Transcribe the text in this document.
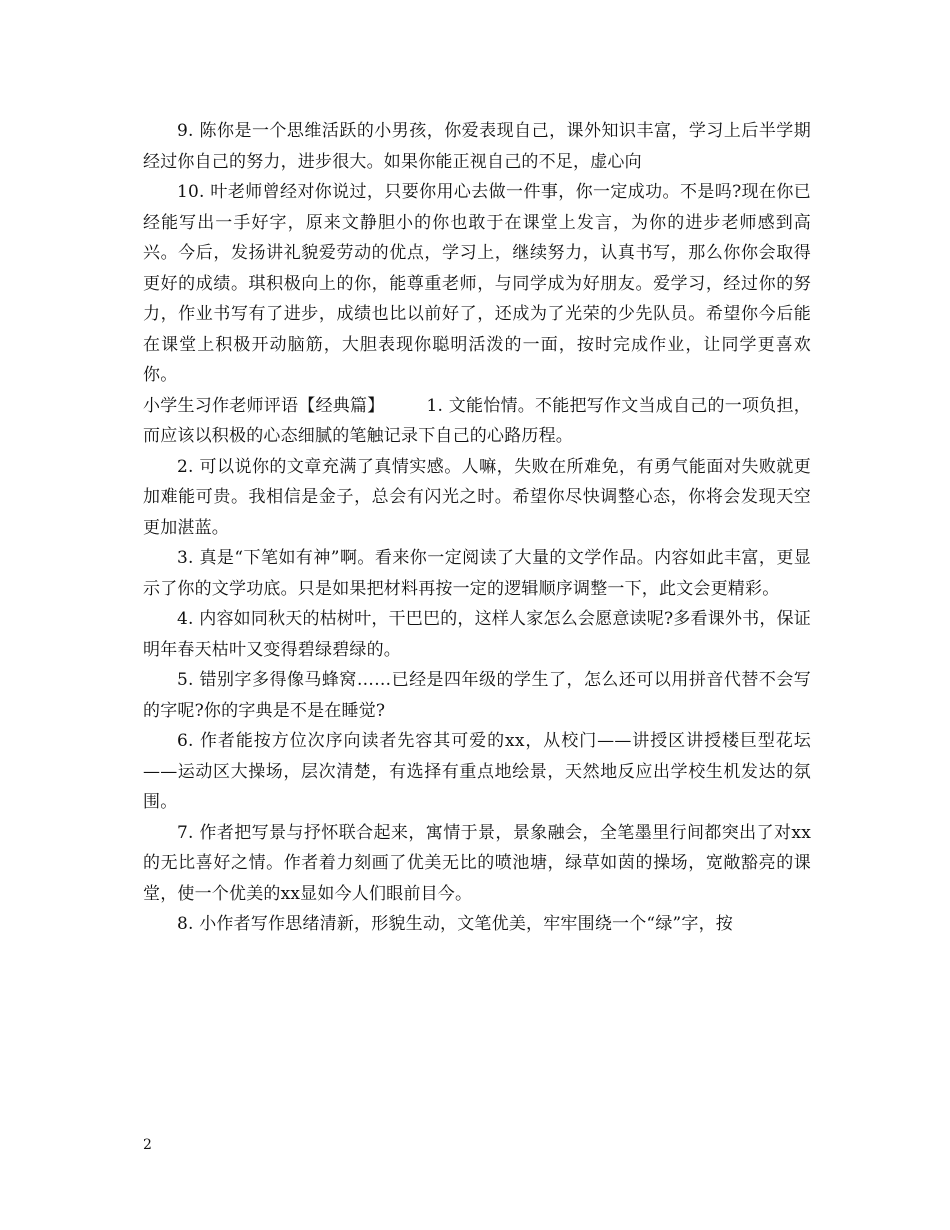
9. 陈你是一个思维活跃的小男孩，你爱表现自己，课外知识丰富，学习上后半学期经过你自己的努力，进步很大。如果你能正视自己的不足，虚心向

10. 叶老师曾经对你说过，只要你用心去做一件事，你一定成功。不是吗?现在你已经能写出一手好字，原来文静胆小的你也敢于在课堂上发言，为你的进步老师感到高兴。今后，发扬讲礼貌爱劳动的优点，学习上，继续努力，认真书写，那么你你会取得更好的成绩。琪积极向上的你，能尊重老师，与同学成为好朋友。爱学习，经过你的努力，作业书写有了进步，成绩也比以前好了，还成为了光荣的少先队员。希望你今后能在课堂上积极开动脑筋，大胆表现你聪明活泼的一面，按时完成作业，让同学更喜欢你。

小学生习作老师评语【经典篇】 1. 文能怡情。不能把写作文当成自己的一项负担，而应该以积极的心态细腻的笔触记录下自己的心路历程。

2. 可以说你的文章充满了真情实感。人嘛，失败在所难免，有勇气能面对失败就更加难能可贵。我相信是金子，总会有闪光之时。希望你尽快调整心态，你将会发现天空更加湛蓝。

3. 真是“下笔如有神”啊。看来你一定阅读了大量的文学作品。内容如此丰富，更显示了你的文学功底。只是如果把材料再按一定的逻辑顺序调整一下，此文会更精彩。

4. 内容如同秋天的枯树叶，干巴巴的，这样人家怎么会愿意读呢?多看课外书，保证明年春天枯叶又变得碧绿碧绿的。

5. 错别字多得像马蜂窝……已经是四年级的学生了，怎么还可以用拼音代替不会写的字呢?你的字典是不是在睡觉?

6. 作者能按方位次序向读者先容其可爱的xx，从校门——讲授区讲授楼巨型花坛——运动区大操场，层次清楚，有选择有重点地绘景，天然地反应出学校生机发达的氛围。

7. 作者把写景与抒怀联合起来，寓情于景，景象融会，全笔墨里行间都突出了对xx的无比喜好之情。作者着力刻画了优美无比的喷池塘，绿草如茵的操场，宽敞豁亮的课堂，使一个优美的xx显如今人们眼前目今。

8. 小作者写作思绪清新，形貌生动，文笔优美，牢牢围绕一个“绿”字，按

2
